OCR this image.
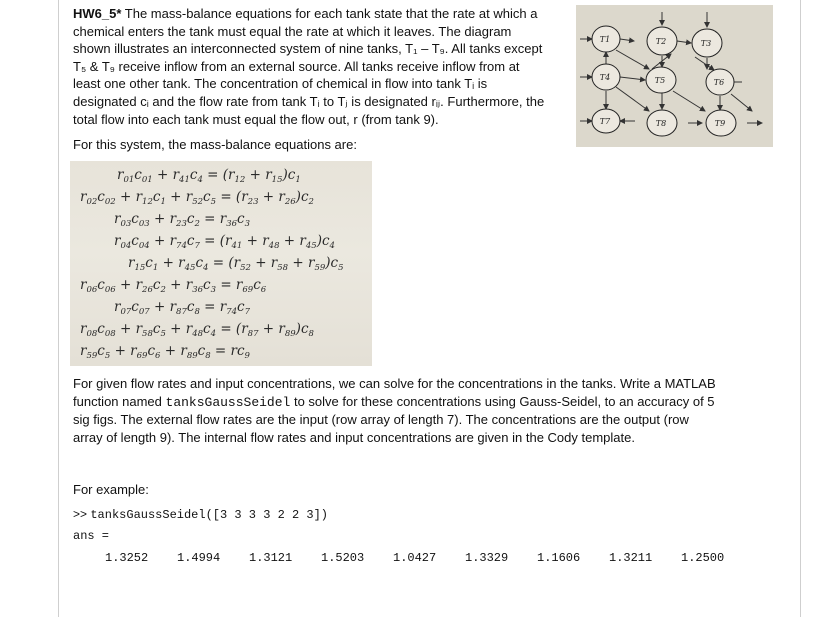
HW6_5* The mass-balance equations for each tank state that the rate at which a
chemical enters the tank must equal the rate at which it leaves. The diagram
shown illustrates an interconnected system of nine tanks, T₁ – T₉. All tanks except
T₅ & T₉ receive inflow from an external source. All tanks receive inflow from at
least one other tank. The concentration of chemical in flow into tank Tᵢ is
designated cᵢ and the flow rate from tank Tᵢ to Tⱼ is designated rᵢⱼ. Furthermore, the
total flow into each tank must equal the flow out, r (from tank 9).
T1	T2	T3
T4	T5	T6
T7	T8	T9
For this system, the mass-balance equations are:
$r_{01}c_{01} + r_{41}c_4 = (r_{12} + r_{15})c_1$
$r_{02}c_{02} + r_{12}c_1 + r_{52}c_5 = (r_{23} + r_{26})c_2$
$r_{03}c_{03} + r_{23}c_2 = r_{36}c_3$
$r_{04}c_{04} + r_{74}c_7 = (r_{41} + r_{48} + r_{45})c_4$
$r_{15}c_1 + r_{45}c_4 = (r_{52} + r_{58} + r_{59})c_5$
$r_{06}c_{06} + r_{26}c_2 + r_{36}c_3 = r_{69}c_6$
$r_{07}c_{07} + r_{87}c_8 = r_{74}c_7$
$r_{08}c_{08} + r_{58}c_5 + r_{48}c_4 = (r_{87} + r_{89})c_8$
$r_{59}c_5 + r_{69}c_6 + r_{89}c_8 = rc_9$
For given flow rates and input concentrations, we can solve for the concentrations in the tanks. Write a MATLAB
function named tanksGaussSeidel to solve for these concentrations using Gauss-Seidel, to an accuracy of 5
sig figs. The external flow rates are the input (row array of length 7). The concentrations are the output (row
array of length 9). The internal flow rates and input concentrations are given in the Cody template.
For example:
>> tanksGaussSeidel([3 3 3 3 2 2 3])
ans =
1.3252	1.4994	1.3121	1.5203	1.0427	1.3329	1.1606	1.3211	1.2500
